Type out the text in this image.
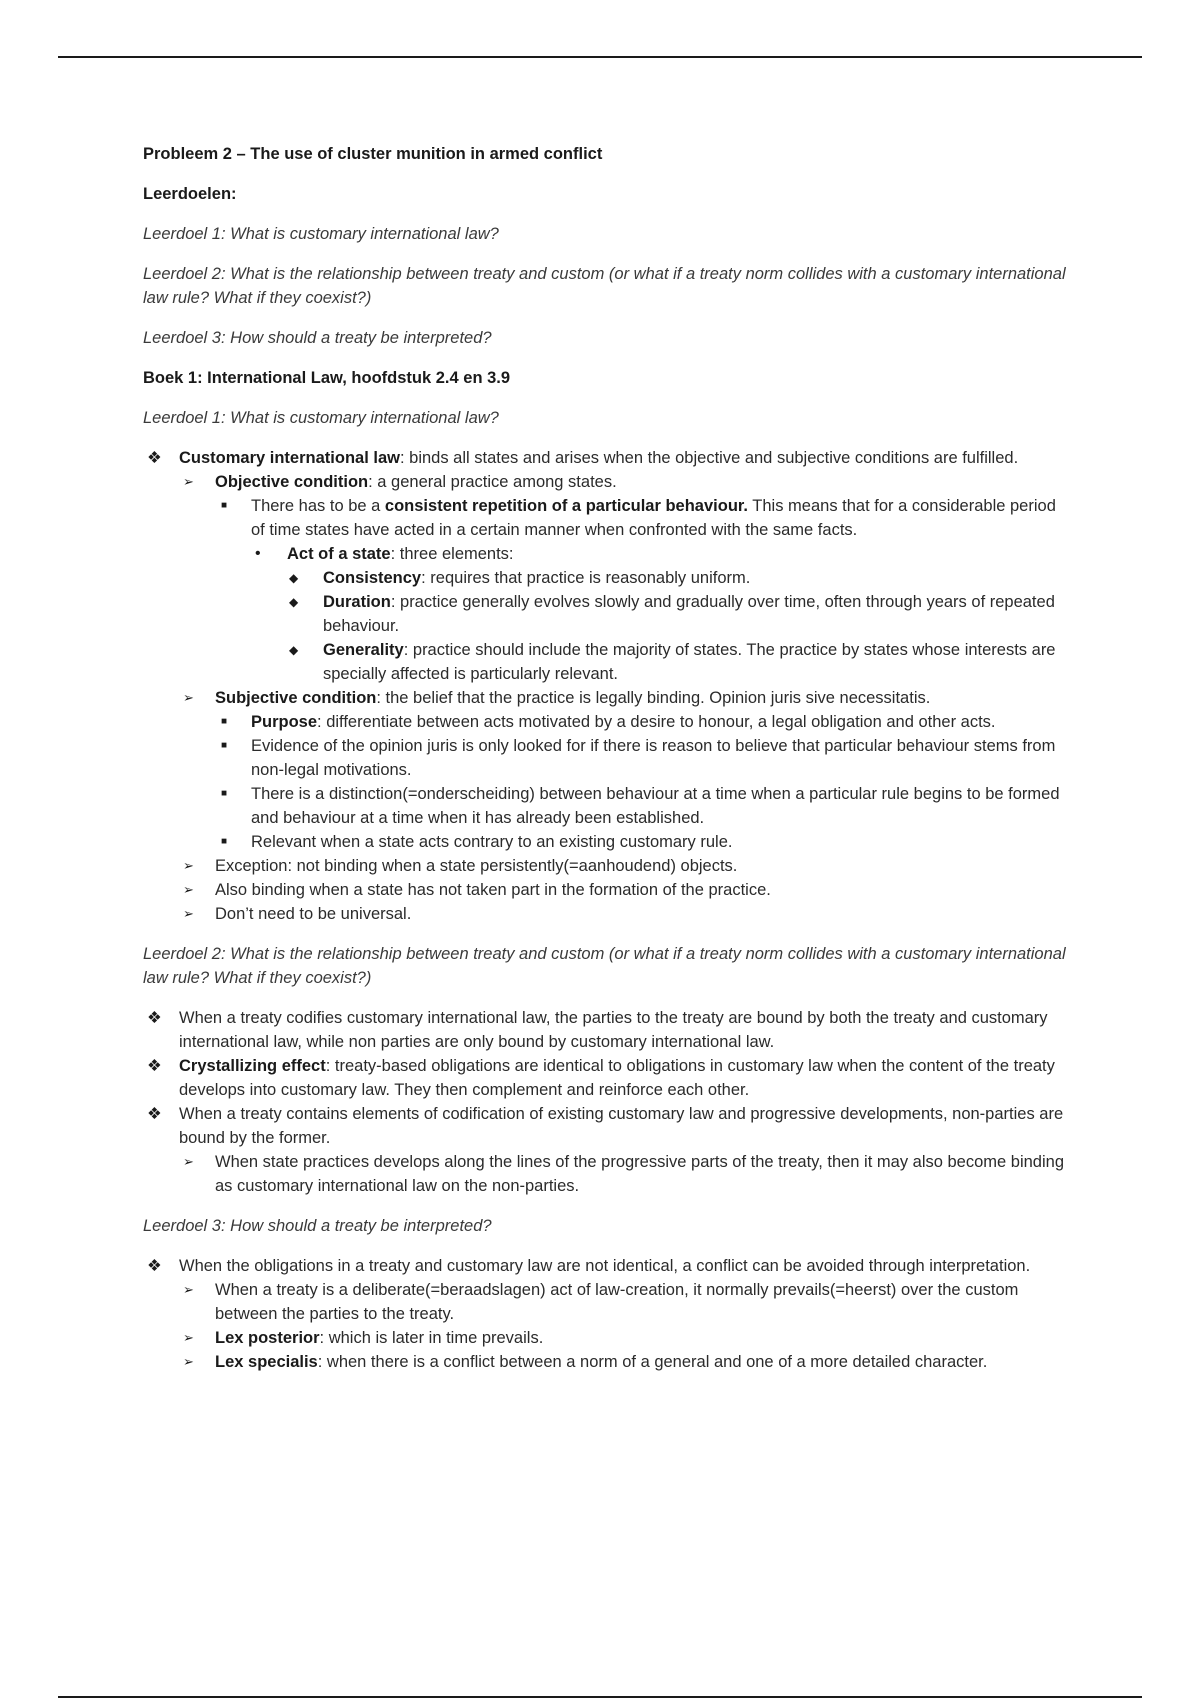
Probleem 2 – The use of cluster munition in armed conflict

Leerdoelen:

Leerdoel 1: What is customary international law?

Leerdoel 2: What is the relationship between treaty and custom (or what if a treaty norm collides with a customary international law rule? What if they coexist?)

Leerdoel 3: How should a treaty be interpreted?

Boek 1: International Law, hoofdstuk 2.4 en 3.9

Leerdoel 1: What is customary international law?

❖	Customary international law: binds all states and arises when the objective and subjective conditions are fulfilled.
➢	Objective condition: a general practice among states.
■	There has to be a consistent repetition of a particular behaviour. This means that for a considerable period of time states have acted in a certain manner when confronted with the same facts.
•	Act of a state: three elements:
◆	Consistency: requires that practice is reasonably uniform.
◆	Duration: practice generally evolves slowly and gradually over time, often through years of repeated behaviour.
◆	Generality: practice should include the majority of states. The practice by states whose interests are specially affected is particularly relevant.
➢	Subjective condition: the belief that the practice is legally binding. Opinion juris sive necessitatis.
■	Purpose: differentiate between acts motivated by a desire to honour, a legal obligation and other acts.
■	Evidence of the opinion juris is only looked for if there is reason to believe that particular behaviour stems from non-legal motivations.
■	There is a distinction(=onderscheiding) between behaviour at a time when a particular rule begins to be formed and behaviour at a time when it has already been established.
■	Relevant when a state acts contrary to an existing customary rule.
➢	Exception: not binding when a state persistently(=aanhoudend) objects.
➢	Also binding when a state has not taken part in the formation of the practice.
➢	Don’t need to be universal.

Leerdoel 2: What is the relationship between treaty and custom (or what if a treaty norm collides with a customary international law rule? What if they coexist?)

❖	When a treaty codifies customary international law, the parties to the treaty are bound by both the treaty and customary international law, while non parties are only bound by customary international law.
❖	Crystallizing effect: treaty-based obligations are identical to obligations in customary law when the content of the treaty develops into customary law. They then complement and reinforce each other.
❖	When a treaty contains elements of codification of existing customary law and progressive developments, non-parties are bound by the former.
➢	When state practices develops along the lines of the progressive parts of the treaty, then it may also become binding as customary international law on the non-parties.

Leerdoel 3: How should a treaty be interpreted?

❖	When the obligations in a treaty and customary law are not identical, a conflict can be avoided through interpretation.
➢	When a treaty is a deliberate(=beraadslagen) act of law-creation, it normally prevails(=heerst) over the custom between the parties to the treaty.
➢	Lex posterior: which is later in time prevails.
➢	Lex specialis: when there is a conflict between a norm of a general and one of a more detailed character.
